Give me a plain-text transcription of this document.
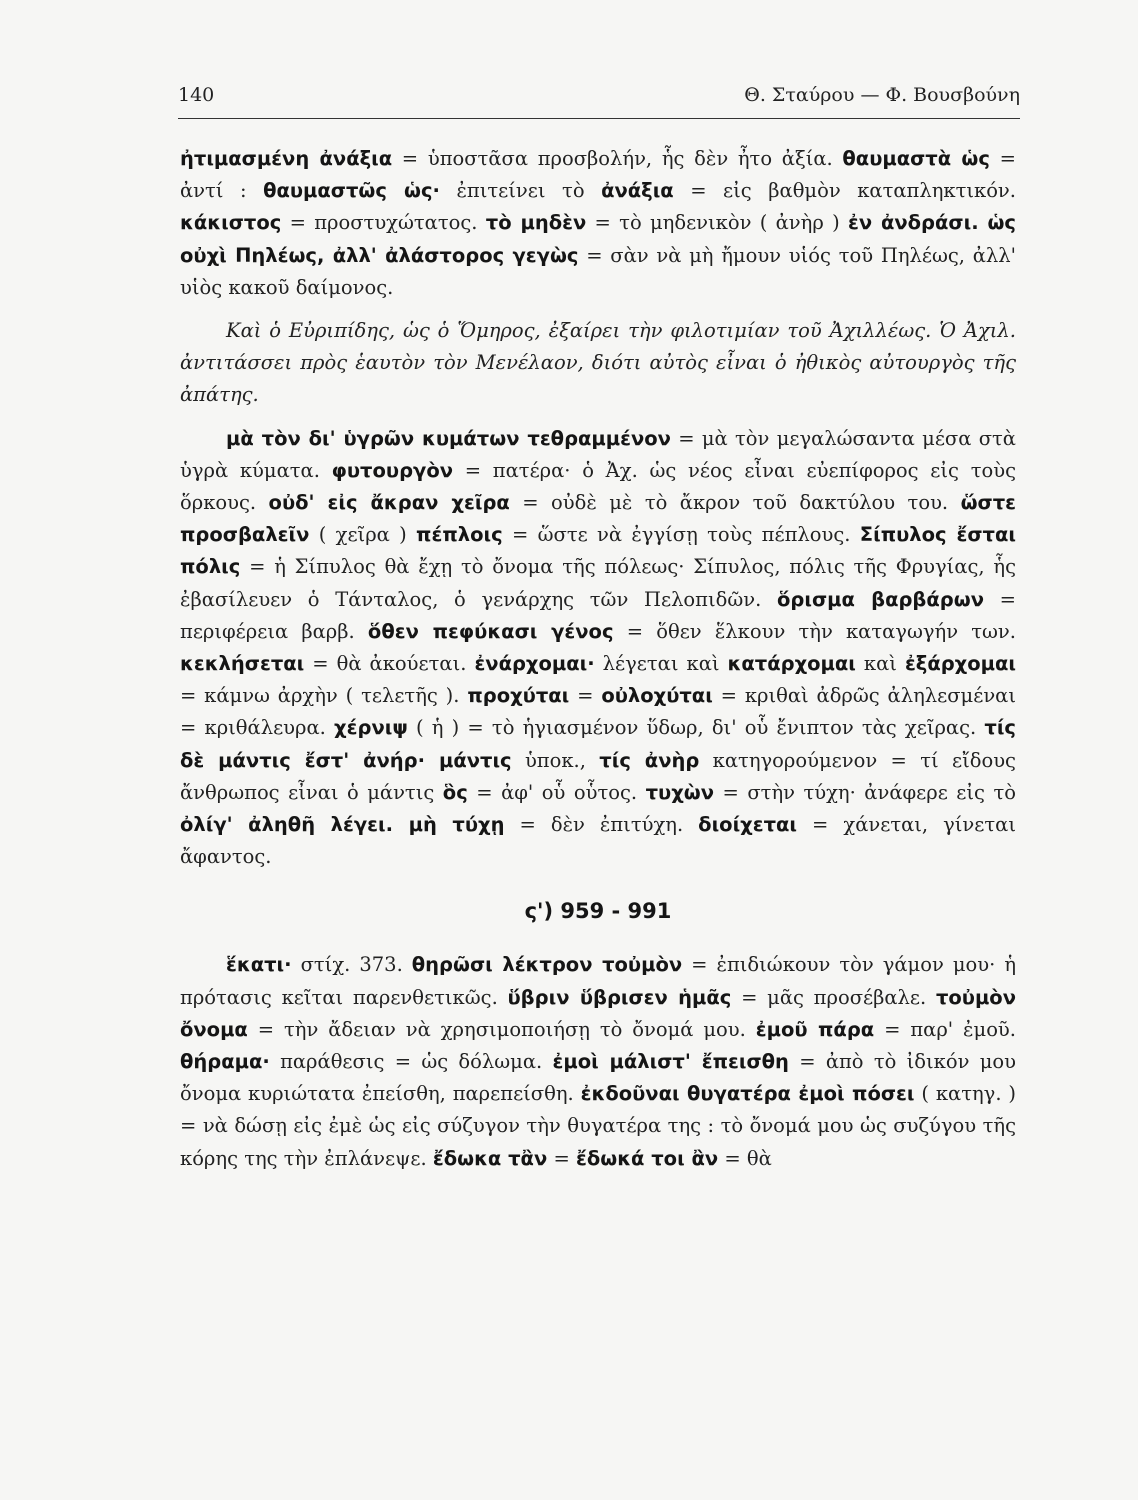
140	Θ. Σταύρου — Φ. Βουσβούνη

ἠτιμασμένη ἀνάξια = ὑποστᾶσα προσβολήν, ἧς δὲν ἦτο ἀξία. θαυμαστὰ ὡς = ἀντί : θαυμαστῶς ὡς· ἐπιτείνει τὸ ἀνάξια = εἰς βαθμὸν καταπληκτικόν. κάκιστος = προστυχώτατος. τὸ μηδὲν = τὸ μηδενικὸν ( ἀνὴρ ) ἐν ἀνδράσι. ὡς οὐχὶ Πηλέως, ἀλλ' ἀλάστορος γεγὼς = σὰν νὰ μὴ ἤμουν υἱός τοῦ Πηλέως, ἀλλ' υἱὸς κακοῦ δαίμονος.

Καὶ ὁ Εὐριπίδης, ὡς ὁ Ὅμηρος, ἐξαίρει τὴν φιλοτιμίαν τοῦ Ἀχιλλέως. Ὁ Ἀχιλ. ἀντιτάσσει πρὸς ἑαυτὸν τὸν Μενέλαον, διότι αὐτὸς εἶναι ὁ ἠθικὸς αὐτουργὸς τῆς ἀπάτης.

μὰ τὸν δι' ὑγρῶν κυμάτων τεθραμμένον = μὰ τὸν μεγαλώσαντα μέσα στὰ ὑγρὰ κύματα. φυτουργὸν = πατέρα· ὁ Ἀχ. ὡς νέος εἶναι εὐεπίφορος εἰς τοὺς ὅρκους. οὐδ' εἰς ἄκραν χεῖρα = οὐδὲ μὲ τὸ ἄκρον τοῦ δακτύλου του. ὥστε προσβαλεῖν ( χεῖρα ) πέπλοις = ὥστε νὰ ἐγγίσῃ τοὺς πέπλους. Σίπυλος ἔσται πόλις = ἡ Σίπυλος θὰ ἔχῃ τὸ ὄνομα τῆς πόλεως· Σίπυλος, πόλις τῆς Φρυγίας, ἧς ἐβασίλευεν ὁ Τάνταλος, ὁ γενάρχης τῶν Πελοπιδῶν. ὅρισμα βαρβάρων = περιφέρεια βαρβ. ὅθεν πεφύκασι γένος = ὅθεν ἕλκουν τὴν καταγωγήν των. κεκλήσεται = θὰ ἀκούεται. ἐνάρχομαι· λέγεται καὶ κατάρχομαι καὶ ἐξάρχομαι = κάμνω ἀρχὴν ( τελετῆς ). προχύται = οὐλοχύται = κριθαὶ ἀδρῶς ἀληλεσμέναι = κριθάλευρα. χέρνιψ ( ἡ ) = τὸ ἡγιασμένον ὕδωρ, δι' οὗ ἔνιπτον τὰς χεῖρας. τίς δὲ μάντις ἔστ' ἀνήρ· μάντις ὑποκ., τίς ἀνὴρ κατηγορούμενον = τί εἴδους ἄνθρωπος εἶναι ὁ μάντις ὃς = ἀφ' οὗ οὗτος. τυχὼν = στὴν τύχη· ἀνάφερε εἰς τὸ ὀλίγ' ἀληθῆ λέγει. μὴ τύχῃ = δὲν ἐπιτύχη. διοίχεται = χάνεται, γίνεται ἄφαντος.

ς') 959 - 991

ἕκατι· στίχ. 373. θηρῶσι λέκτρον τοὐμὸν = ἐπιδιώκουν τὸν γάμον μου· ἡ πρότασις κεῖται παρενθετικῶς. ὕβριν ὕβρισεν ἡμᾶς = μᾶς προσέβαλε. τοὐμὸν ὄνομα = τὴν ἄδειαν νὰ χρησιμοποιήσῃ τὸ ὄνομά μου. ἐμοῦ πάρα = παρ' ἐμοῦ. θήραμα· παράθεσις = ὡς δόλωμα. ἐμοὶ μάλιστ' ἔπεισθη = ἀπὸ τὸ ἰδικόν μου ὄνομα κυριώτατα ἐπείσθη, παρεπείσθη. ἐκδοῦναι θυγατέρα ἐμοὶ πόσει ( κατηγ. ) = νὰ δώσῃ εἰς ἐμὲ ὡς εἰς σύζυγον τὴν θυγατέρα της : τὸ ὄνομά μου ὡς συζύγου τῆς κόρης της τὴν ἐπλάνεψε. ἔδωκα τἂν = ἔδωκά τοι ἂν = θὰ
